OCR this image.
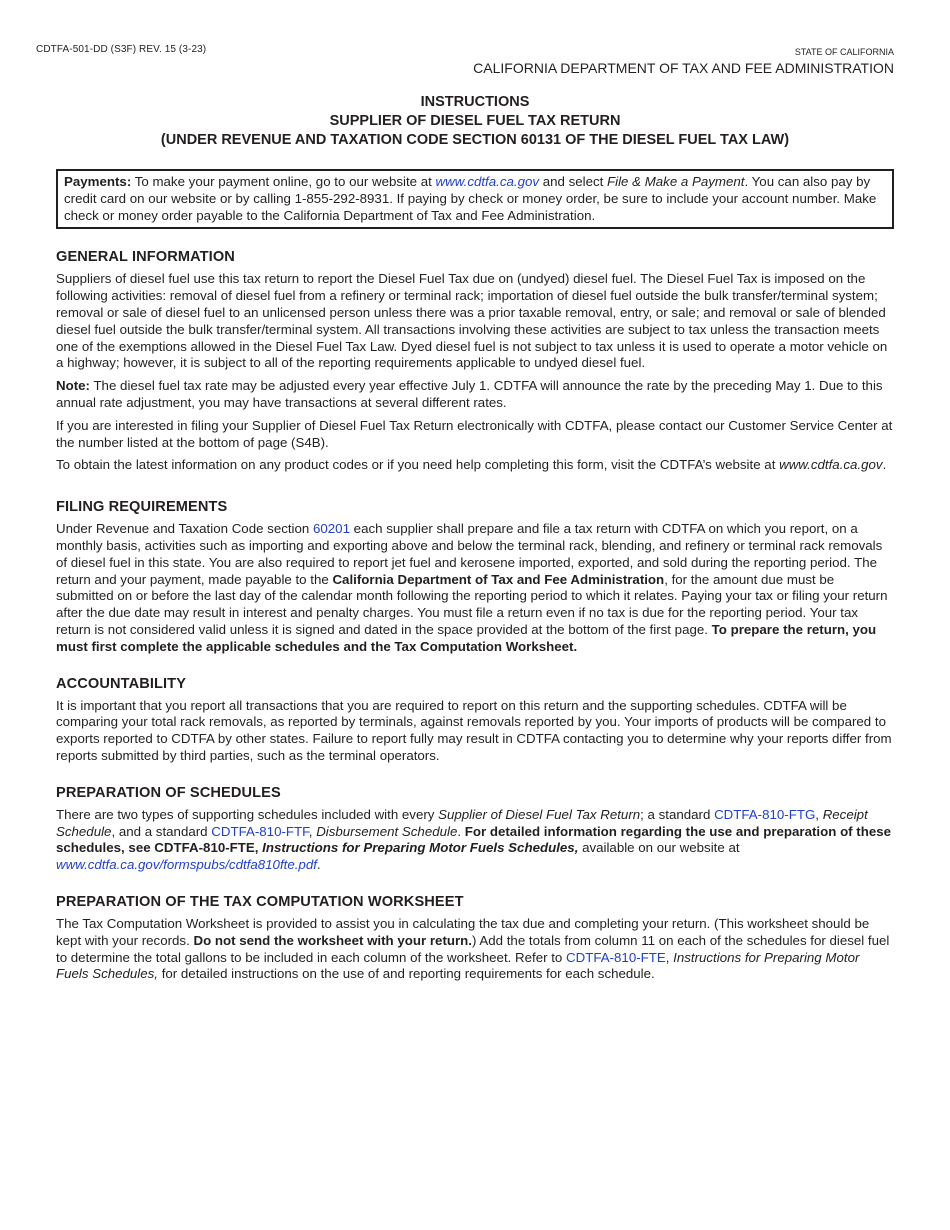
CDTFA-501-DD (S3F) REV. 15 (3-23)	STATE OF CALIFORNIA
CALIFORNIA DEPARTMENT OF TAX AND FEE ADMINISTRATION
INSTRUCTIONS
SUPPLIER OF DIESEL FUEL TAX RETURN
(UNDER REVENUE AND TAXATION CODE SECTION 60131 OF THE DIESEL FUEL TAX LAW)
Payments: To make your payment online, go to our website at www.cdtfa.ca.gov and select File & Make a Payment. You can also pay by credit card on our website or by calling 1-855-292-8931. If paying by check or money order, be sure to include your account number. Make check or money order payable to the California Department of Tax and Fee Administration.
GENERAL INFORMATION

Suppliers of diesel fuel use this tax return to report the Diesel Fuel Tax due on (undyed) diesel fuel. The Diesel Fuel Tax is imposed on the following activities: removal of diesel fuel from a refinery or terminal rack; importation of diesel fuel outside the bulk transfer/terminal system; removal or sale of diesel fuel to an unlicensed person unless there was a prior taxable removal, entry, or sale; and removal or sale of blended diesel fuel outside the bulk transfer/terminal system. All transactions involving these activities are subject to tax unless the transaction meets one of the exemptions allowed in the Diesel Fuel Tax Law. Dyed diesel fuel is not subject to tax unless it is used to operate a motor vehicle on a highway; however, it is subject to all of the reporting requirements applicable to undyed diesel fuel.

Note: The diesel fuel tax rate may be adjusted every year effective July 1. CDTFA will announce the rate by the preceding May 1. Due to this annual rate adjustment, you may have transactions at several different rates.

If you are interested in filing your Supplier of Diesel Fuel Tax Return electronically with CDTFA, please contact our Customer Service Center at the number listed at the bottom of page (S4B).

To obtain the latest information on any product codes or if you need help completing this form, visit the CDTFA’s website at www.cdtfa.ca.gov.

FILING REQUIREMENTS

Under Revenue and Taxation Code section 60201 each supplier shall prepare and file a tax return with CDTFA on which you report, on a monthly basis, activities such as importing and exporting above and below the terminal rack, blending, and refinery or terminal rack removals of diesel fuel in this state. You are also required to report jet fuel and kerosene imported, exported, and sold during the reporting period. The return and your payment, made payable to the California Department of Tax and Fee Administration, for the amount due must be submitted on or before the last day of the calendar month following the reporting period to which it relates. Paying your tax or filing your return after the due date may result in interest and penalty charges. You must file a return even if no tax is due for the reporting period. Your tax return is not considered valid unless it is signed and dated in the space provided at the bottom of the first page. To prepare the return, you must first complete the applicable schedules and the Tax Computation Worksheet.

ACCOUNTABILITY

It is important that you report all transactions that you are required to report on this return and the supporting schedules. CDTFA will be comparing your total rack removals, as reported by terminals, against removals reported by you. Your imports of products will be compared to exports reported to CDTFA by other states. Failure to report fully may result in CDTFA contacting you to determine why your reports differ from reports submitted by third parties, such as the terminal operators.

PREPARATION OF SCHEDULES

There are two types of supporting schedules included with every Supplier of Diesel Fuel Tax Return; a standard CDTFA-810-FTG, Receipt Schedule, and a standard CDTFA-810-FTF, Disbursement Schedule. For detailed information regarding the use and preparation of these schedules, see CDTFA-810-FTE, Instructions for Preparing Motor Fuels Schedules, available on our website at www.cdtfa.ca.gov/formspubs/cdtfa810fte.pdf.

PREPARATION OF THE TAX COMPUTATION WORKSHEET

The Tax Computation Worksheet is provided to assist you in calculating the tax due and completing your return. (This worksheet should be kept with your records. Do not send the worksheet with your return.) Add the totals from column 11 on each of the schedules for diesel fuel to determine the total gallons to be included in each column of the worksheet. Refer to CDTFA-810-FTE, Instructions for Preparing Motor Fuels Schedules, for detailed instructions on the use of and reporting requirements for each schedule.
